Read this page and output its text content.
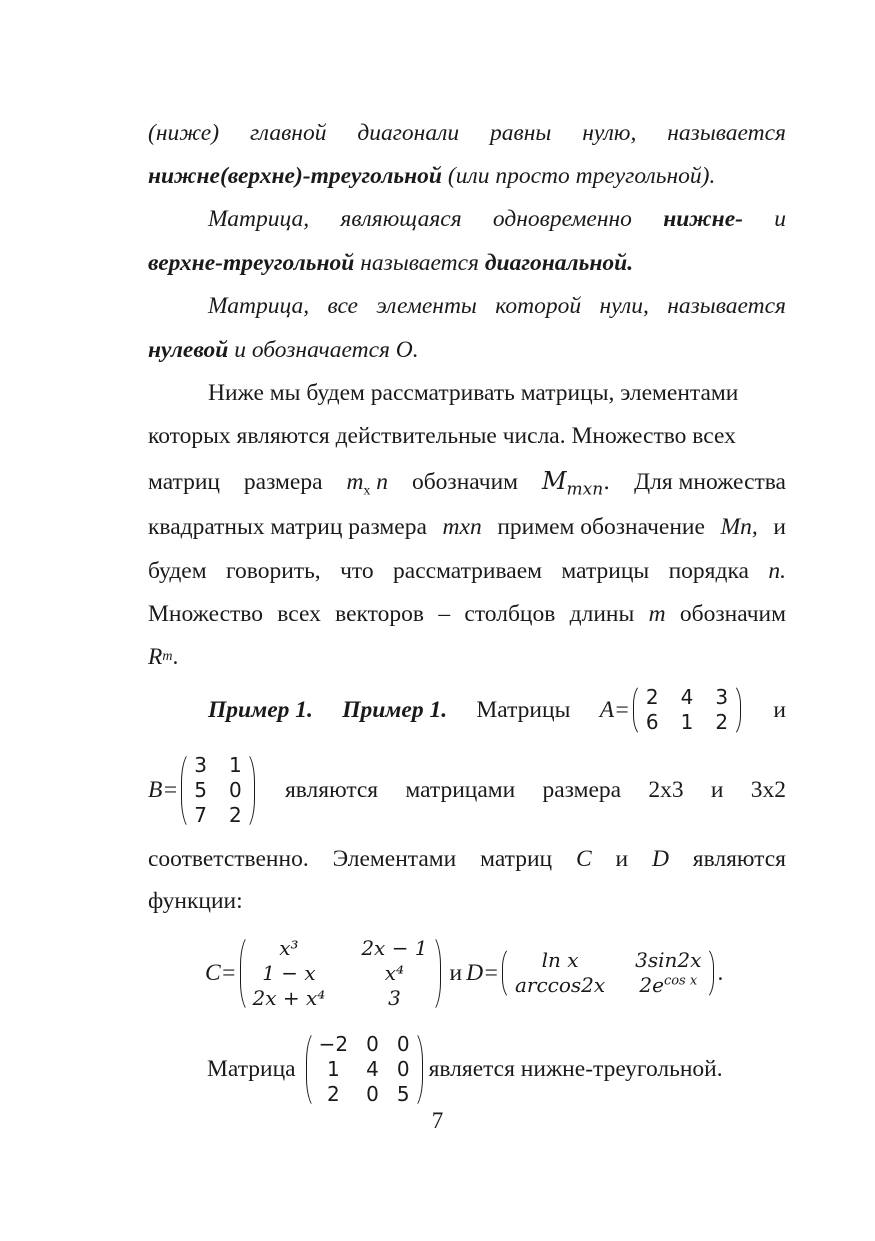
(ниже) главной диагонали равны нулю, называется
нижне(верхне)-треугольной
(или просто треугольной).
Матрица, являющаяся одновременно нижне- и
верхне-треугольной
называется
диагональной.
Матрица, все элементы которой нули, называется
нулевой
и обозначается O.
Ниже мы будем рассматривать матрицы, элементами
которых являются действительные числа. Множество всех
матриц размера $m_x$ n обозначим $M_{mxn}$. Для множества
квадратных матриц размера mxn примем обозначение Mn, и
будем говорить, что рассматриваем матрицы порядка n.
Множество всех векторов – столбцов длины m обозначим
R m .
Пример 1. Пример 1. Матрицы A= 2 4 3
6 1 2 и
B=
3 1
5 0
7 2
являются матрицами размера 2x3 и 3x2
соответственно. Элементами матриц C и D являются
функции:
C=
x³	2x − 1
1 − x	x⁴
2x + x⁴	3
и D=	ln x	3sin2x
arccos2x $2e^{cos x}$ .
Матрица
−2 0 0
1	4 0
2	0 5
является нижне-треугольной.
7
